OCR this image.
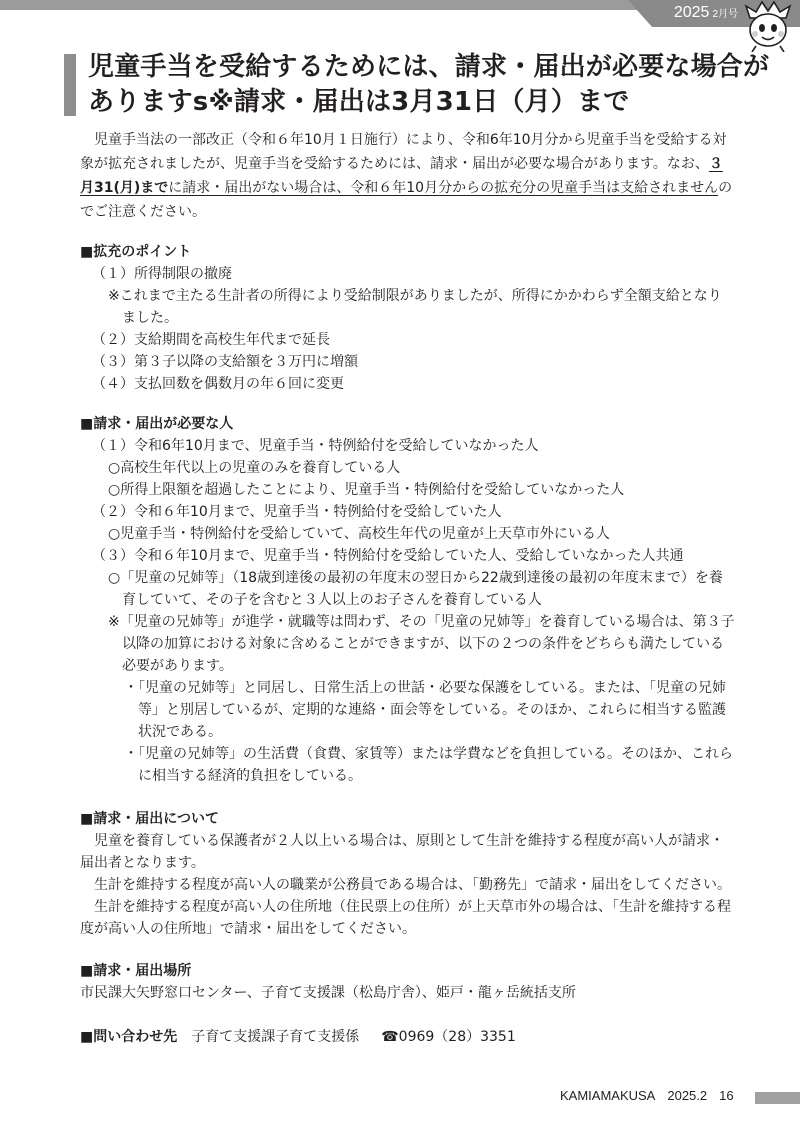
2025 2月号
児童手当を受給するためには、請求・届出が必要な場合がありますs※請求・届出は3月31日（月）まで

児童手当法の一部改正（令和６年10月１日施行）により、令和6年10月分から児童手当を受給する対象が拡充されましたが、児童手当を受給するためには、請求・届出が必要な場合があります。なお、３月31(月)までに請求・届出がない場合は、令和６年10月分からの拡充分の児童手当は支給されませんのでご注意ください。

■拡充のポイント

（１）所得制限の撤廃

※これまで主たる生計者の所得により受給制限がありましたが、所得にかかわらず全額支給となりました。

（２）支給期間を高校生年代まで延長

（３）第３子以降の支給額を３万円に増額

（４）支払回数を偶数月の年６回に変更

■請求・届出が必要な人

（１）令和6年10月まで、児童手当・特例給付を受給していなかった人

○高校生年代以上の児童のみを養育している人

○所得上限額を超過したことにより、児童手当・特例給付を受給していなかった人

（２）令和６年10月まで、児童手当・特例給付を受給していた人

○児童手当・特例給付を受給していて、高校生年代の児童が上天草市外にいる人

（３）令和６年10月まで、児童手当・特例給付を受給していた人、受給していなかった人共通

○「児童の兄姉等」（18歳到達後の最初の年度末の翌日から22歳到達後の最初の年度末まで）を養育していて、その子を含むと３人以上のお子さんを養育している人

※「児童の兄姉等」が進学・就職等は問わず、その「児童の兄姉等」を養育している場合は、第３子以降の加算における対象に含めることができますが、以下の２つの条件をどちらも満たしている必要があります。

・「児童の兄姉等」と同居し、日常生活上の世話・必要な保護をしている。または、「児童の兄姉等」と別居しているが、定期的な連絡・面会等をしている。そのほか、これらに相当する監護状況である。

・「児童の兄姉等」の生活費（食費、家賃等）または学費などを負担している。そのほか、これらに相当する経済的負担をしている。

■請求・届出について

児童を養育している保護者が２人以上いる場合は、原則として生計を維持する程度が高い人が請求・届出者となります。

生計を維持する程度が高い人の職業が公務員である場合は、「勤務先」で請求・届出をしてください。

生計を維持する程度が高い人の住所地（住民票上の住所）が上天草市外の場合は、「生計を維持する程度が高い人の住所地」で請求・届出をしてください。

■請求・届出場所

市民課大矢野窓口センター、子育て支援課（松島庁舎）、姫戸・龍ヶ岳統括支所

■問い合わせ先 子育て支援課子育て支援係 ☎0969（28）3351

KAMIAMAKUSA 2025.2 16
